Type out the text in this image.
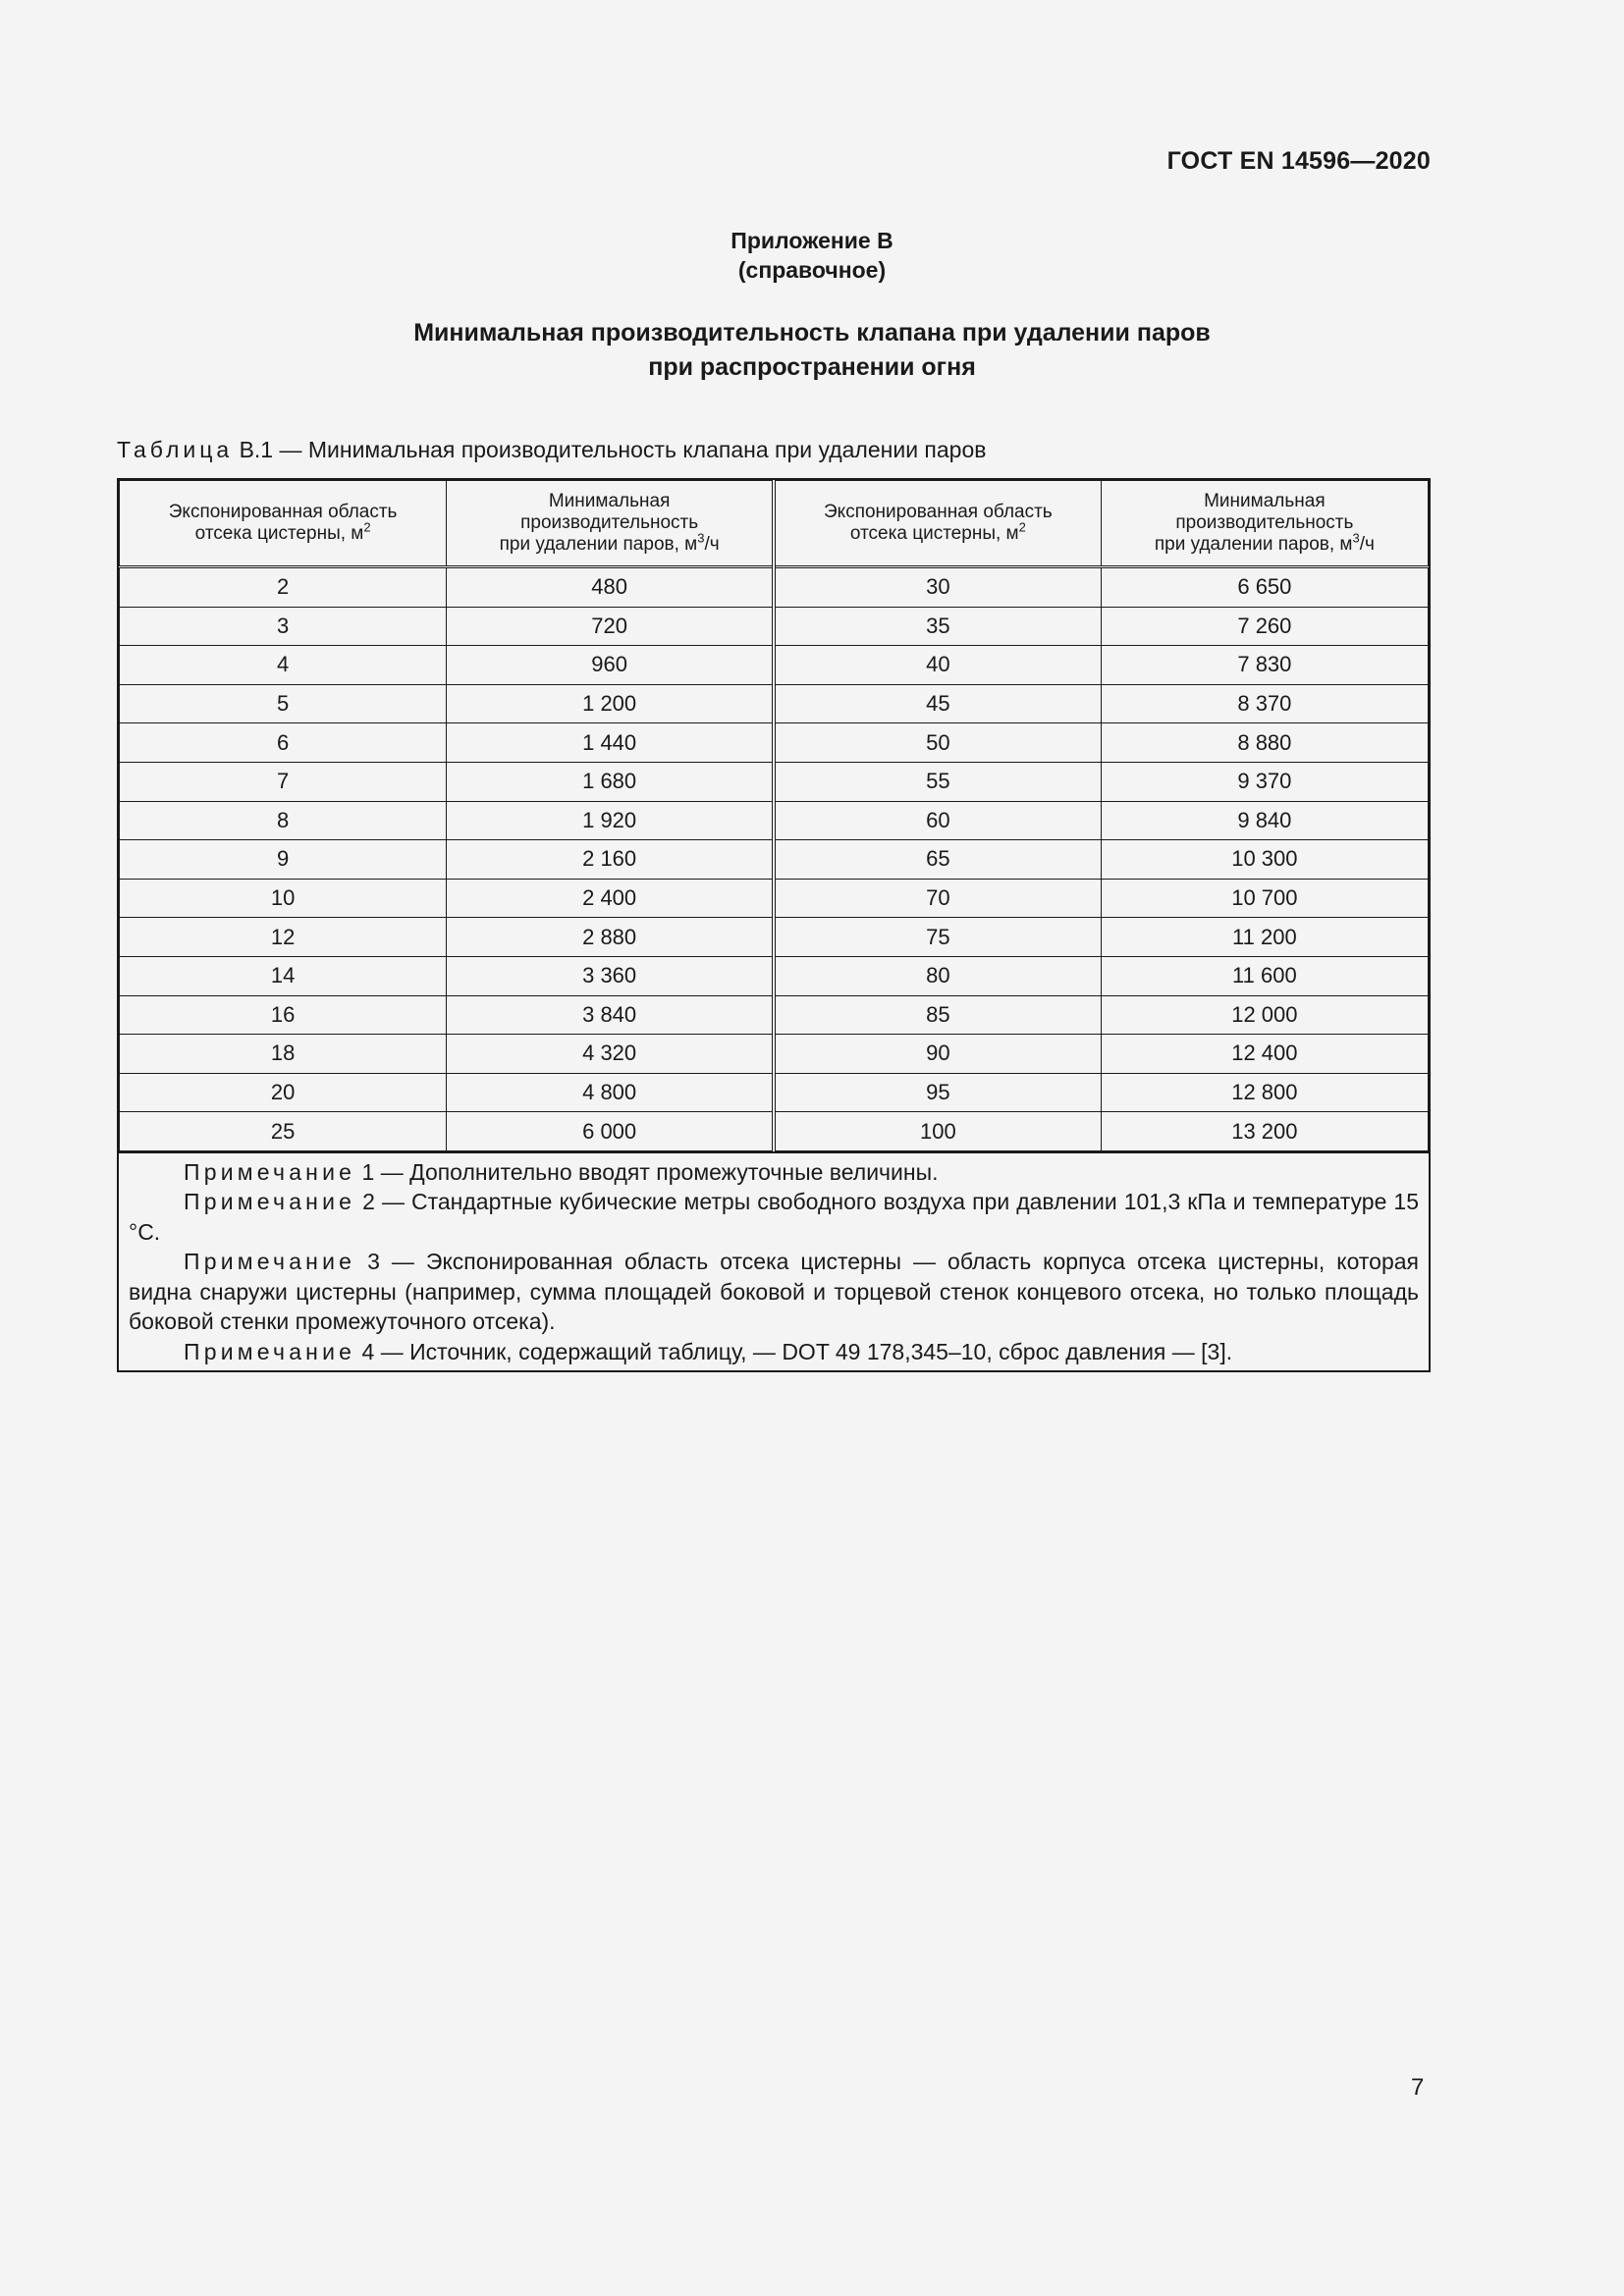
ГОСТ EN 14596—2020
Приложение В
(справочное)
Минимальная производительность клапана при удалении паров
при распространении огня
Таблица В.1 — Минимальная производительность клапана при удалении паров
Экспонированная область
отсека цистерны, $м^2$	Минимальная
производительность
при удалении паров, $м^3/ч$	Экспонированная область
отсека цистерны, $м^2$	Минимальная
производительность
при удалении паров, $м^3/ч$
2	480	30	6 650
3	720	35	7 260
4	960	40	7 830
5	1 200	45	8 370
6	1 440	50	8 880
7	1 680	55	9 370
8	1 920	60	9 840
9	2 160	65	10 300
10	2 400	70	10 700
12	2 880	75	11 200
14	3 360	80	11 600
16	3 840	85	12 000
18	4 320	90	12 400
20	4 800	95	12 800
25	6 000	100	13 200
Примечание 1 — Дополнительно вводят промежуточные величины.
Примечание 2 — Стандартные кубические метры свободного воздуха при давлении 101,3 кПа и температуре 15 °С.
Примечание 3 — Экспонированная область отсека цистерны — область корпуса отсека цистерны, которая видна снаружи цистерны (например, сумма площадей боковой и торцевой стенок концевого отсека, но только площадь боковой стенки промежуточного отсека).
Примечание 4 — Источник, содержащий таблицу, — DOT 49 178,345–10, сброс давления — [3].
7
